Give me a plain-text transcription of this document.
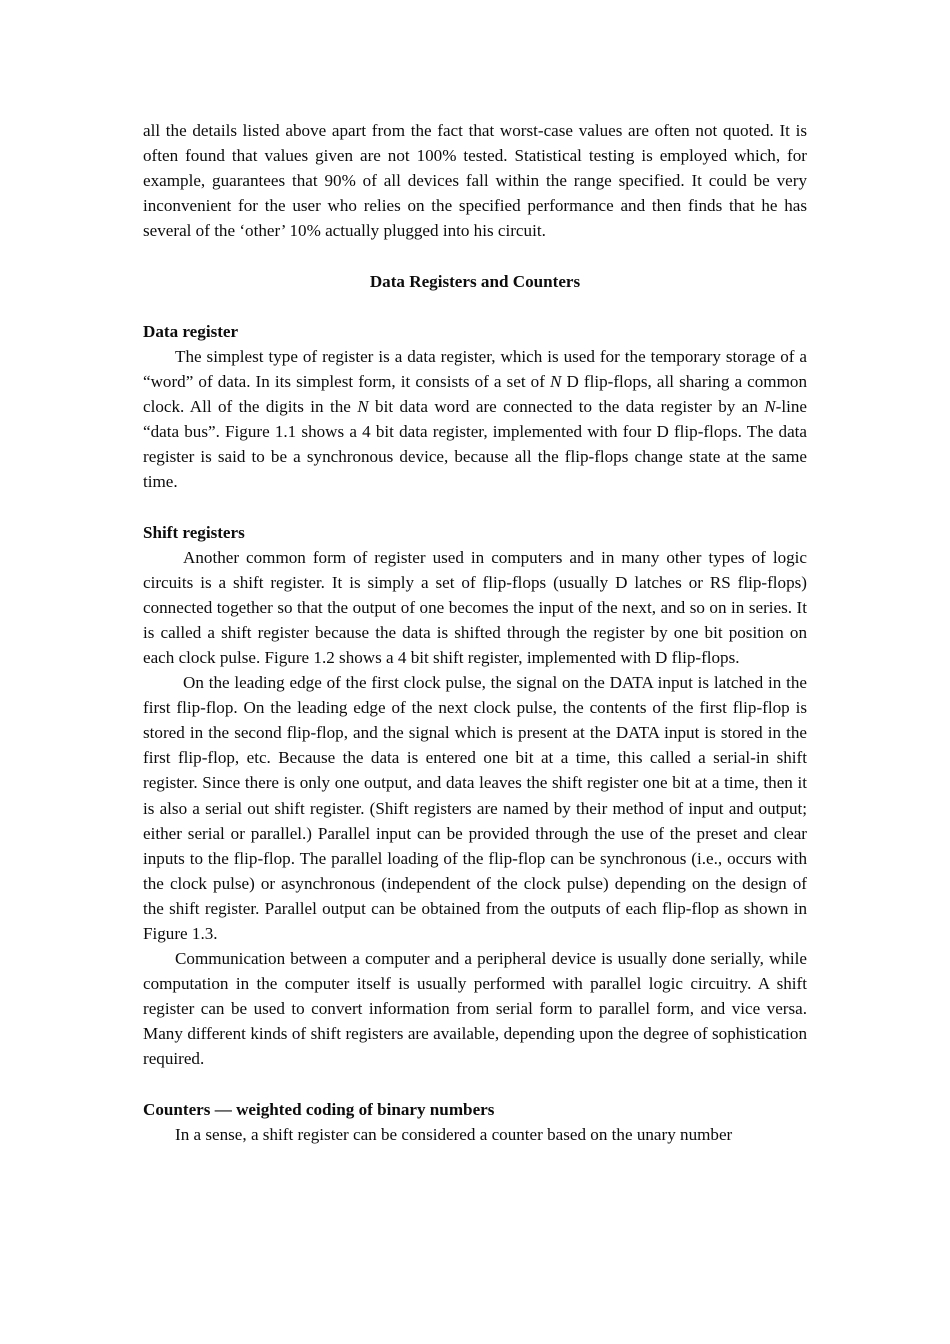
all the details listed above apart from the fact that worst-case values are often not quoted. It is often found that values given are not 100% tested. Statistical testing is employed which, for example, guarantees that 90% of all devices fall within the range specified. It could be very inconvenient for the user who relies on the specified performance and then finds that he has several of the ‘other’ 10% actually plugged into his circuit.

Data Registers and Counters
Data register

The simplest type of register is a data register, which is used for the temporary storage of a “word” of data. In its simplest form, it consists of a set of N D flip-flops, all sharing a common clock. All of the digits in the N bit data word are connected to the data register by an N-line “data bus”. Figure 1.1 shows a 4 bit data register, implemented with four D flip-flops. The data register is said to be a synchronous device, because all the flip-flops change state at the same time.

Shift registers

Another common form of register used in computers and in many other types of logic circuits is a shift register. It is simply a set of flip-flops (usually D latches or RS flip-flops) connected together so that the output of one becomes the input of the next, and so on in series. It is called a shift register because the data is shifted through the register by one bit position on each clock pulse. Figure 1.2 shows a 4 bit shift register, implemented with D flip-flops.

On the leading edge of the first clock pulse, the signal on the DATA input is latched in the first flip-flop. On the leading edge of the next clock pulse, the contents of the first flip-flop is stored in the second flip-flop, and the signal which is present at the DATA input is stored in the first flip-flop, etc. Because the data is entered one bit at a time, this called a serial-in shift register. Since there is only one output, and data leaves the shift register one bit at a time, then it is also a serial out shift register. (Shift registers are named by their method of input and output; either serial or parallel.) Parallel input can be provided through the use of the preset and clear inputs to the flip-flop. The parallel loading of the flip-flop can be synchronous (i.e., occurs with the clock pulse) or asynchronous (independent of the clock pulse) depending on the design of the shift register. Parallel output can be obtained from the outputs of each flip-flop as shown in Figure 1.3.

Communication between a computer and a peripheral device is usually done serially, while computation in the computer itself is usually performed with parallel logic circuitry. A shift register can be used to convert information from serial form to parallel form, and vice versa. Many different kinds of shift registers are available, depending upon the degree of sophistication required.

Counters — weighted coding of binary numbers

In a sense, a shift register can be considered a counter based on the unary number
